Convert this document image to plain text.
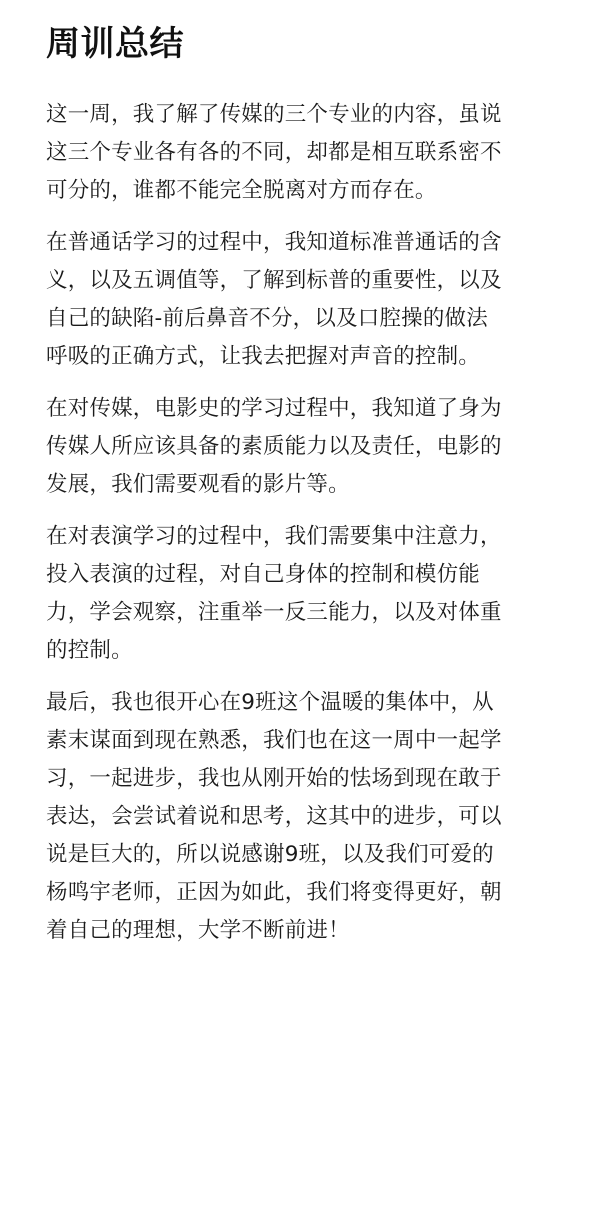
周训总结

这一周，我了解了传媒的三个专业的内容，虽说
这三个专业各有各的不同，却都是相互联系密不
可分的，谁都不能完全脱离对方而存在。

在普通话学习的过程中，我知道标准普通话的含
义，以及五调值等，了解到标普的重要性，以及
自己的缺陷-前后鼻音不分，以及口腔操的做法
呼吸的正确方式，让我去把握对声音的控制。

在对传媒，电影史的学习过程中，我知道了身为
传媒人所应该具备的素质能力以及责任，电影的
发展，我们需要观看的影片等。

在对表演学习的过程中，我们需要集中注意力，
投入表演的过程，对自己身体的控制和模仿能
力，学会观察，注重举一反三能力，以及对体重
的控制。

最后，我也很开心在9班这个温暖的集体中，从
素末谋面到现在熟悉，我们也在这一周中一起学
习，一起进步，我也从刚开始的怯场到现在敢于
表达，会尝试着说和思考，这其中的进步，可以
说是巨大的，所以说感谢9班，以及我们可爱的
杨鸣宇老师，正因为如此，我们将变得更好，朝
着自己的理想，大学不断前进！
